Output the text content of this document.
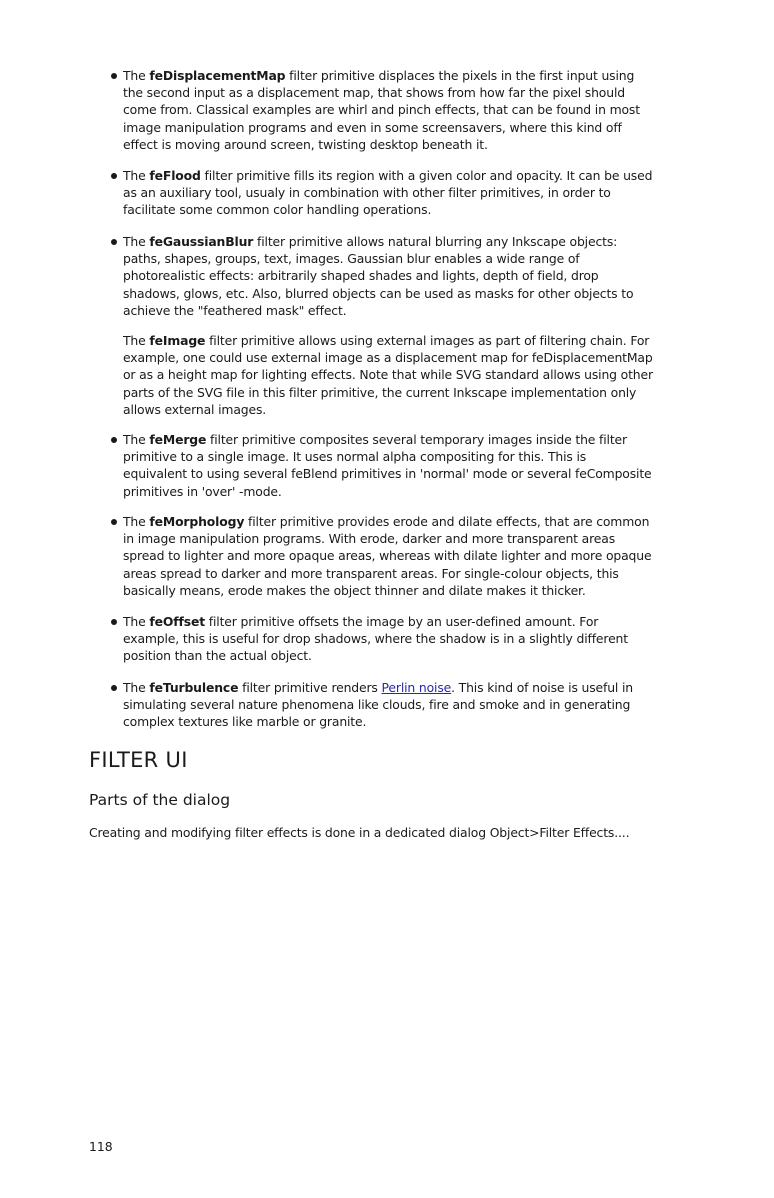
The feDisplacementMap filter primitive displaces the pixels in the first input using the second input as a displacement map, that shows from how far the pixel should come from. Classical examples are whirl and pinch effects, that can be found in most image manipulation programs and even in some screensavers, where this kind off effect is moving around screen, twisting desktop beneath it.

The feFlood filter primitive fills its region with a given color and opacity. It can be used as an auxiliary tool, usualy in combination with other filter primitives, in order to facilitate some common color handling operations.

The feGaussianBlur filter primitive allows natural blurring any Inkscape objects: paths, shapes, groups, text, images. Gaussian blur enables a wide range of photorealistic effects: arbitrarily shaped shades and lights, depth of field, drop shadows, glows, etc. Also, blurred objects can be used as masks for other objects to achieve the "feathered mask" effect.

The feImage filter primitive allows using external images as part of filtering chain. For example, one could use external image as a displacement map for feDisplacementMap or as a height map for lighting effects. Note that while SVG standard allows using other parts of the SVG file in this filter primitive, the current Inkscape implementation only allows external images.

The feMerge filter primitive composites several temporary images inside the filter primitive to a single image. It uses normal alpha compositing for this. This is equivalent to using several feBlend primitives in 'normal' mode or several feComposite primitives in 'over' -mode.

The feMorphology filter primitive provides erode and dilate effects, that are common in image manipulation programs. With erode, darker and more transparent areas spread to lighter and more opaque areas, whereas with dilate lighter and more opaque areas spread to darker and more transparent areas. For single-colour objects, this basically means, erode makes the object thinner and dilate makes it thicker.

The feOffset filter primitive offsets the image by an user-defined amount. For example, this is useful for drop shadows, where the shadow is in a slightly different position than the actual object.

The feTurbulence filter primitive renders Perlin noise. This kind of noise is useful in simulating several nature phenomena like clouds, fire and smoke and in generating complex textures like marble or granite.

FILTER UI
Parts of the dialog

Creating and modifying filter effects is done in a dedicated dialog Object>Filter Effects....

118
